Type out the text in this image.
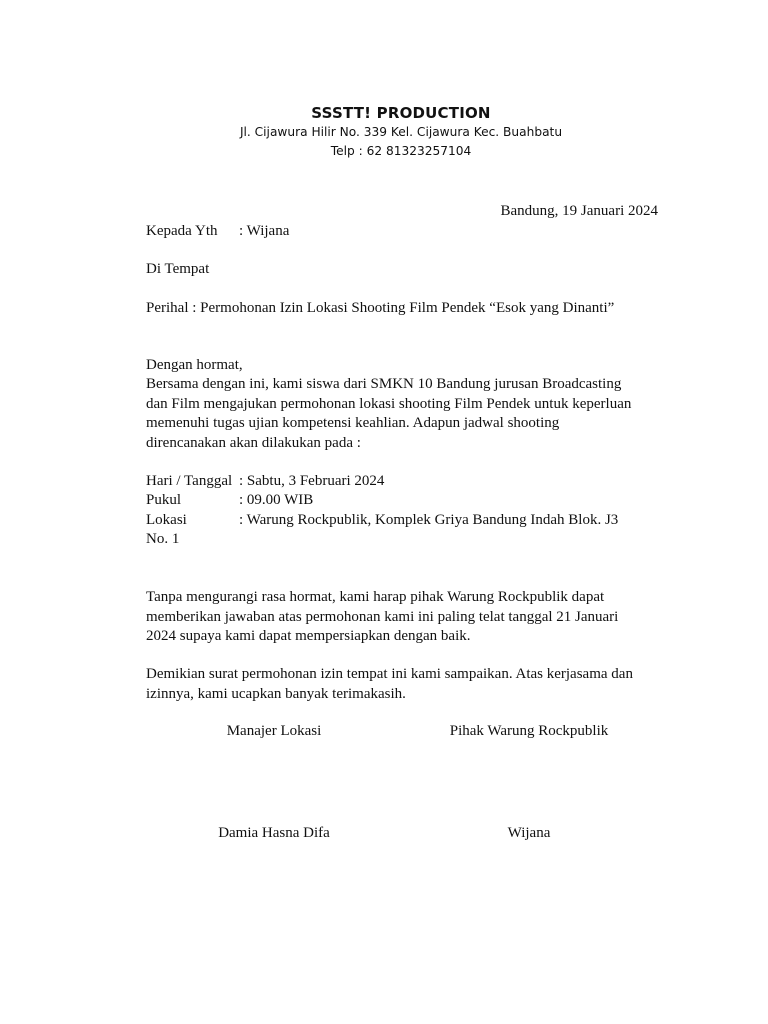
SSSTT! PRODUCTION
Jl. Cijawura Hilir No. 339 Kel. Cijawura Kec. Buahbatu
Telp : 62 81323257104
Bandung, 19 Januari 2024
Kepada Yth : Wijana
Di Tempat
Perihal : Permohonan Izin Lokasi Shooting Film Pendek “Esok yang Dinanti”
Dengan hormat,
Bersama dengan ini, kami siswa dari SMKN 10 Bandung jurusan Broadcasting
dan Film mengajukan permohonan lokasi shooting Film Pendek untuk keperluan
memenuhi tugas ujian kompetensi keahlian. Adapun jadwal shooting
direncanakan akan dilakukan pada :
Hari / Tanggal : Sabtu, 3 Februari 2024
Pukul	: 09.00 WIB
Lokasi	: Warung Rockpublik, Komplek Griya Bandung Indah Blok. J3
No. 1
Tanpa mengurangi rasa hormat, kami harap pihak Warung Rockpublik dapat
memberikan jawaban atas permohonan kami ini paling telat tanggal 21 Januari
2024 supaya kami dapat mempersiapkan dengan baik.
Demikian surat permohonan izin tempat ini kami sampaikan. Atas kerjasama dan
izinnya, kami ucapkan banyak terimakasih.
Manajer Lokasi	Pihak Warung Rockpublik
Damia Hasna Difa	Wijana
